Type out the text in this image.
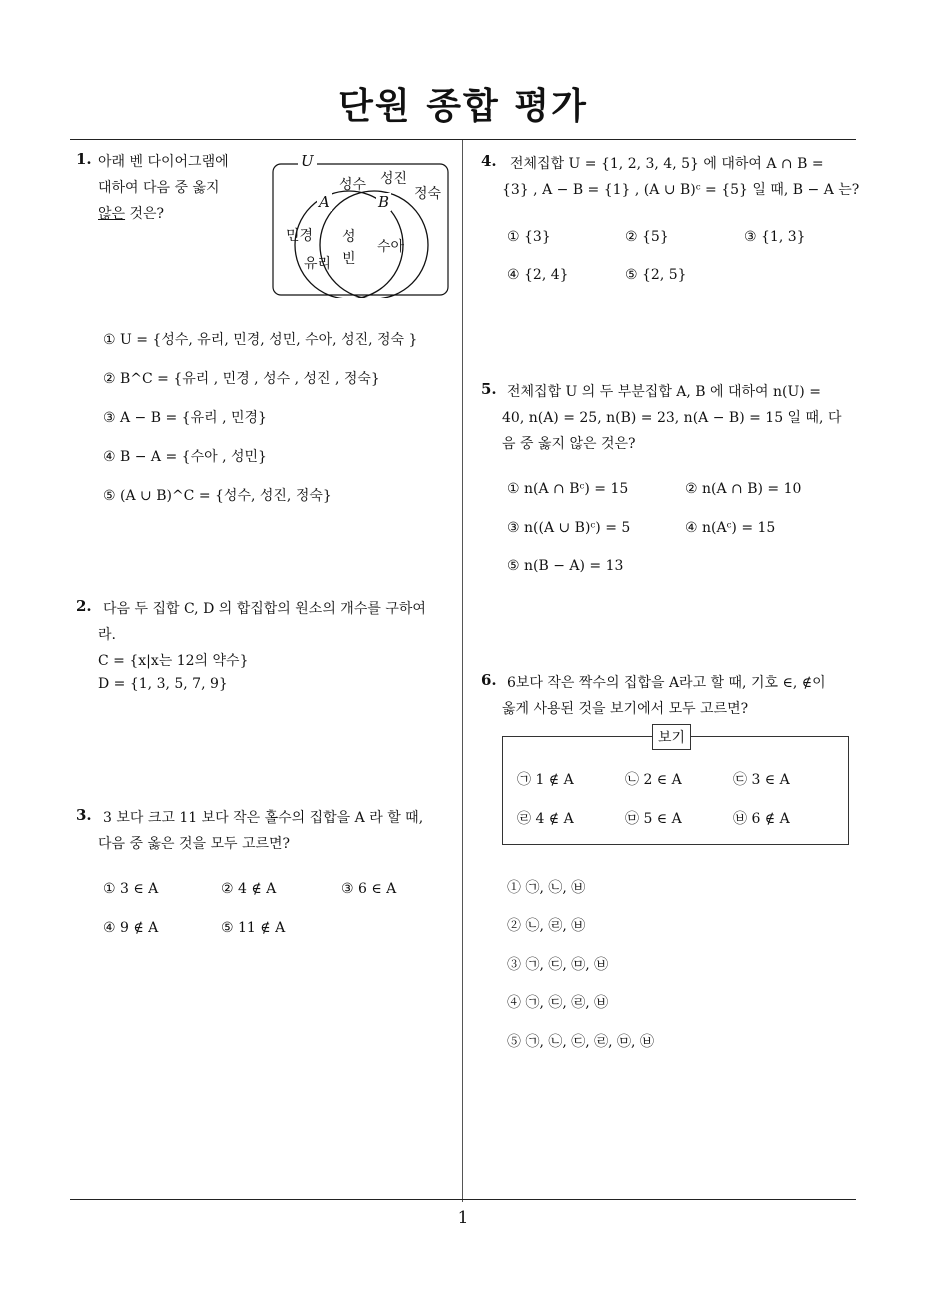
단원 종합 평가
1
1. 아래 벤 다이어그램에
대하여 다음 중 옳지
않은 것은?
U
A	B
성수 성진
정숙
민경
유리
성
빈
수아
① U = {성수, 유리, 민경, 성민, 수아, 성진, 정숙 }
② B^C = {유리 , 민경 , 성수 , 성진 , 정숙}
③ A − B = {유리 , 민경}
④ B − A = {수아 , 성민}
⑤ (A ∪ B)^C = {성수, 성진, 정숙}
2. 다음 두 집합 C, D 의 합집합의 원소의 개수를 구하여
라.
C = {x|x는 12의 약수}
D = {1, 3, 5, 7, 9}
3. 3 보다 크고 11 보다 작은 홀수의 집합을 A 라 할 때,
다음 중 옳은 것을 모두 고르면?
① 3 ∈ A	② 4 ∉ A	③ 6 ∈ A
④ 9 ∉ A	⑤ 11 ∉ A
4. 전체집합 U = {1, 2, 3, 4, 5} 에 대하여 A ∩ B =
{3} , A − B = {1} , (A ∪ B)ᶜ = {5} 일 때, B − A 는?
① {3}	② {5}	③ {1, 3}
④ {2, 4}	⑤ {2, 5}
5. 전체집합 U 의 두 부분집합 A, B 에 대하여 n(U) =
40, n(A) = 25, n(B) = 23, n(A − B) = 15 일 때, 다
음 중 옳지 않은 것은?
① n(A ∩ Bᶜ) = 15	② n(A ∩ B) = 10
③ n((A ∪ B)ᶜ) = 5	④ n(Aᶜ) = 15
⑤ n(B − A) = 13
6. 6보다 작은 짝수의 집합을 A라고 할 때, 기호 ∈, ∉이
옳게 사용된 것을 보기에서 모두 고르면?
보기
㉠ 1 ∉ A	㉡ 2 ∈ A	㉢ 3 ∈ A
㉣ 4 ∉ A	㉤ 5 ∈ A	㉥ 6 ∉ A
① ㉠, ㉡, ㉥
② ㉡, ㉣, ㉥
③ ㉠, ㉢, ㉤, ㉥
④ ㉠, ㉢, ㉣, ㉥
⑤ ㉠, ㉡, ㉢, ㉣, ㉤, ㉥
